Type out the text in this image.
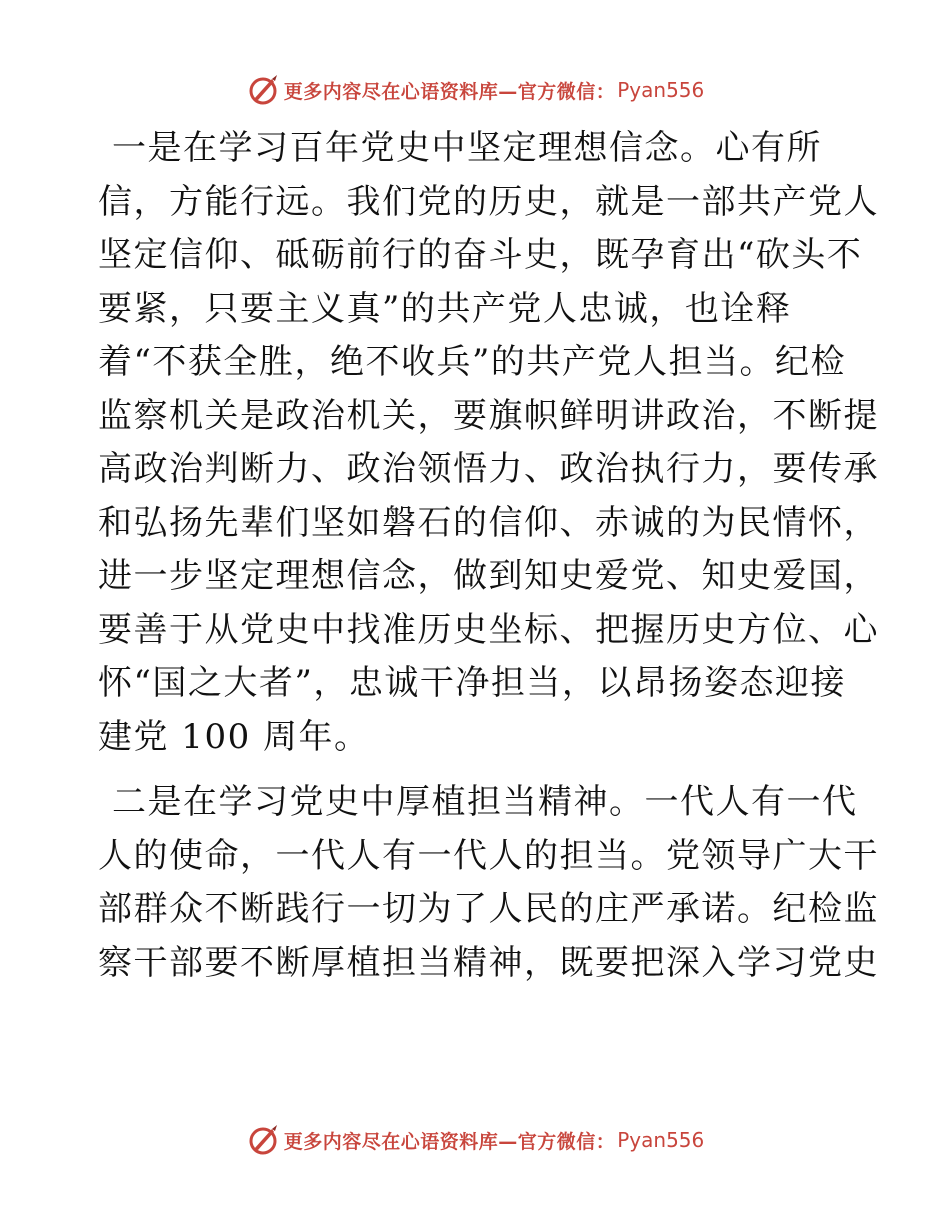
更多内容尽在心语资料库—官方微信： Pyan556
一是在学习百年党史中坚定理想信念。心有所
信，方能行远。我们党的历史，就是一部共产党人
坚定信仰、砥砺前行的奋斗史，既孕育出“砍头不
要紧，只要主义真”的共产党人忠诚，也诠释
着“不获全胜，绝不收兵”的共产党人担当。纪检
监察机关是政治机关，要旗帜鲜明讲政治，不断提
高政治判断力、政治领悟力、政治执行力，要传承
和弘扬先辈们坚如磐石的信仰、赤诚的为民情怀，
进一步坚定理想信念，做到知史爱党、知史爱国，
要善于从党史中找准历史坐标、把握历史方位、心
怀“国之大者”，忠诚干净担当，以昂扬姿态迎接
建党 100 周年。
二是在学习党史中厚植担当精神。一代人有一代
人的使命，一代人有一代人的担当。党领导广大干
部群众不断践行一切为了人民的庄严承诺。纪检监
察干部要不断厚植担当精神，既要把深入学习党史
更多内容尽在心语资料库—官方微信： Pyan556
